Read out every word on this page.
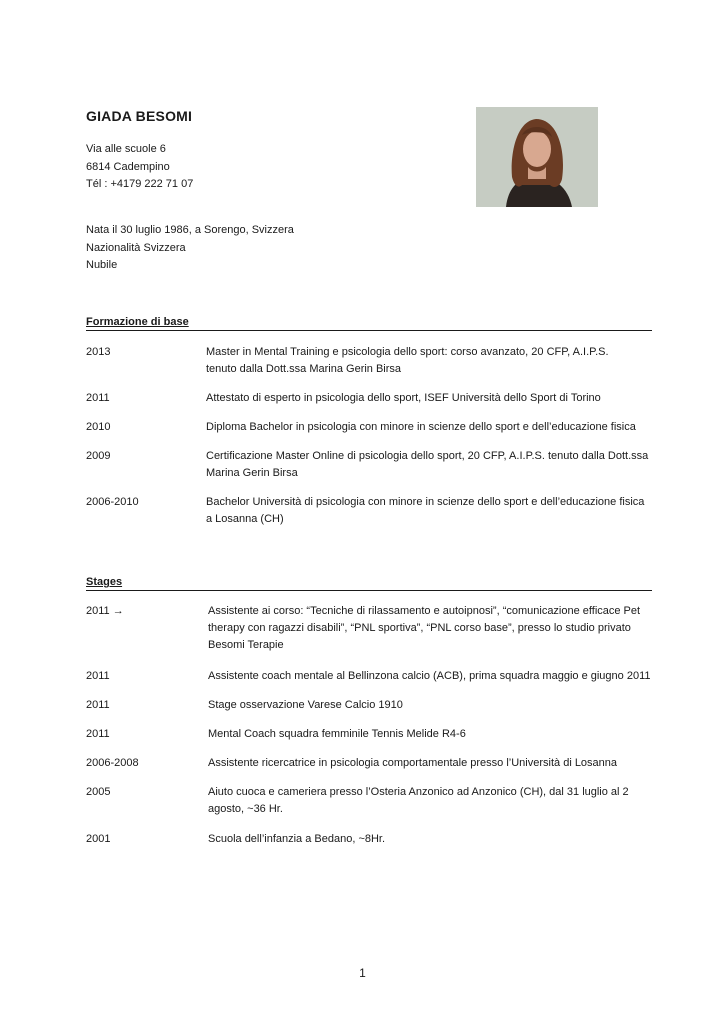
GIADA BESOMI
Via alle scuole 6
6814 Cadempino
Tél : +4179 222 71 07
Nata il 30 luglio 1986, a Sorengo, Svizzera
Nazionalità Svizzera
Nubile
Formazione di base
2013	Master in Mental Training e psicologia dello sport: corso avanzato, 20 CFP, A.I.P.S.
tenuto dalla Dott.ssa Marina Gerin Birsa
2011	Attestato di esperto in psicologia dello sport, ISEF Università dello Sport di Torino
2010	Diploma Bachelor in psicologia con minore in scienze dello sport e dell’educazione fisica
2009	Certificazione Master Online di psicologia dello sport, 20 CFP, A.I.P.S. tenuto dalla Dott.ssa
Marina Gerin Birsa
2006-2010	Bachelor Università di psicologia con minore in scienze dello sport e dell’educazione fisica
a Losanna (CH)
Stages
2011 →	Assistente ai corso: “Tecniche di rilassamento e autoipnosi”, “comunicazione efficace Pet
therapy con ragazzi disabili”, “PNL sportiva”, “PNL corso base”, presso lo studio privato
Besomi Terapie
2011	Assistente coach mentale al Bellinzona calcio (ACB), prima squadra maggio e giugno 2011
2011	Stage osservazione Varese Calcio 1910
2011	Mental Coach squadra femminile Tennis Melide R4-6
2006-2008	Assistente ricercatrice in psicologia comportamentale presso l’Università di Losanna
2005	Aiuto cuoca e cameriera presso l’Osteria Anzonico ad Anzonico (CH), dal 31 luglio al 2
agosto, ~36 Hr.
2001	Scuola dell’infanzia a Bedano, ~8Hr.
1
